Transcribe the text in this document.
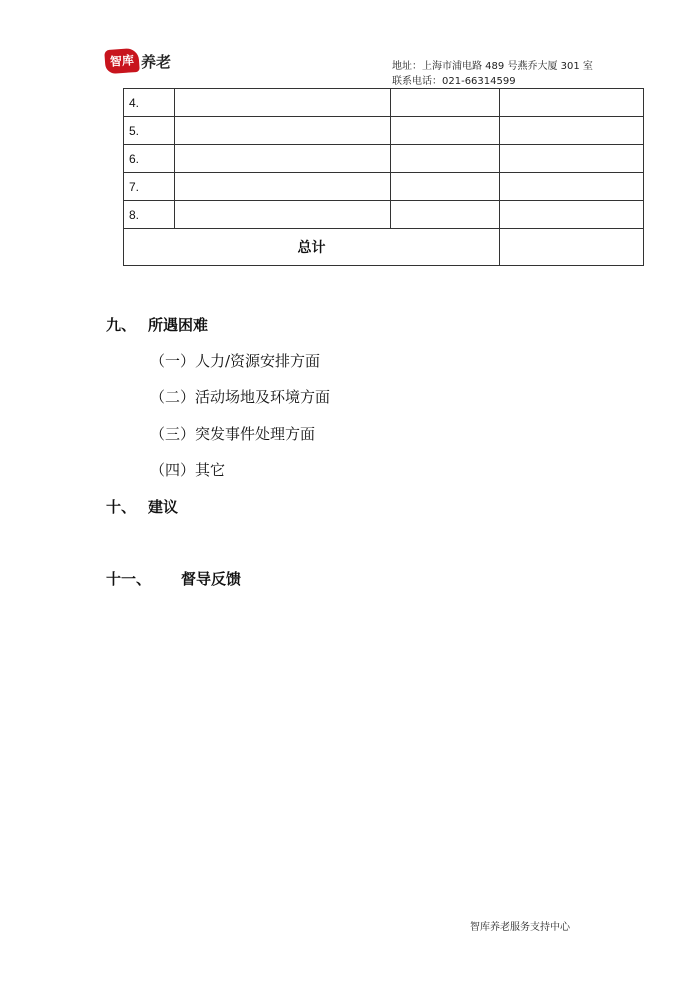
智库 养老	地址：上海市浦电路 489 号燕乔大厦 301 室
联系电话：021-66314599
4.			
5.			
6.			
7.			
8.			
总计			
九、 所遇困难
（一）人力/资源安排方面
（二）活动场地及环境方面
（三）突发事件处理方面
（四）其它
十、 建议
十一、 督导反馈
智库养老服务支持中心
